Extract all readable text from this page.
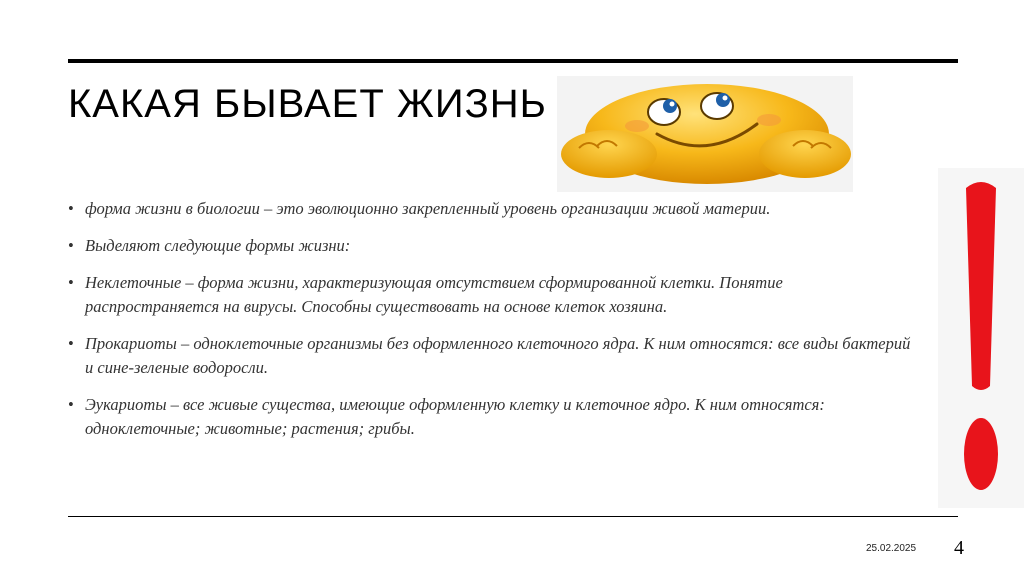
КАКАЯ БЫВАЕТ ЖИЗНЬ
• форма жизни в биологии – это эволюционно закрепленный уровень организации живой материи.
• Выделяют следующие формы жизни:
• Неклеточные – форма жизни, характеризующая отсутствием сформированной клетки. Понятие распространяется на вирусы. Способны существовать на основе клеток хозяина.
• Прокариоты – одноклеточные организмы без оформленного клеточного ядра. К ним относятся: все виды бактерий и сине-зеленые водоросли.
• Эукариоты – все живые существа, имеющие оформленную клетку и клеточное ядро. К ним относятся: одноклеточные; животные; растения; грибы.
25.02.2025 4
